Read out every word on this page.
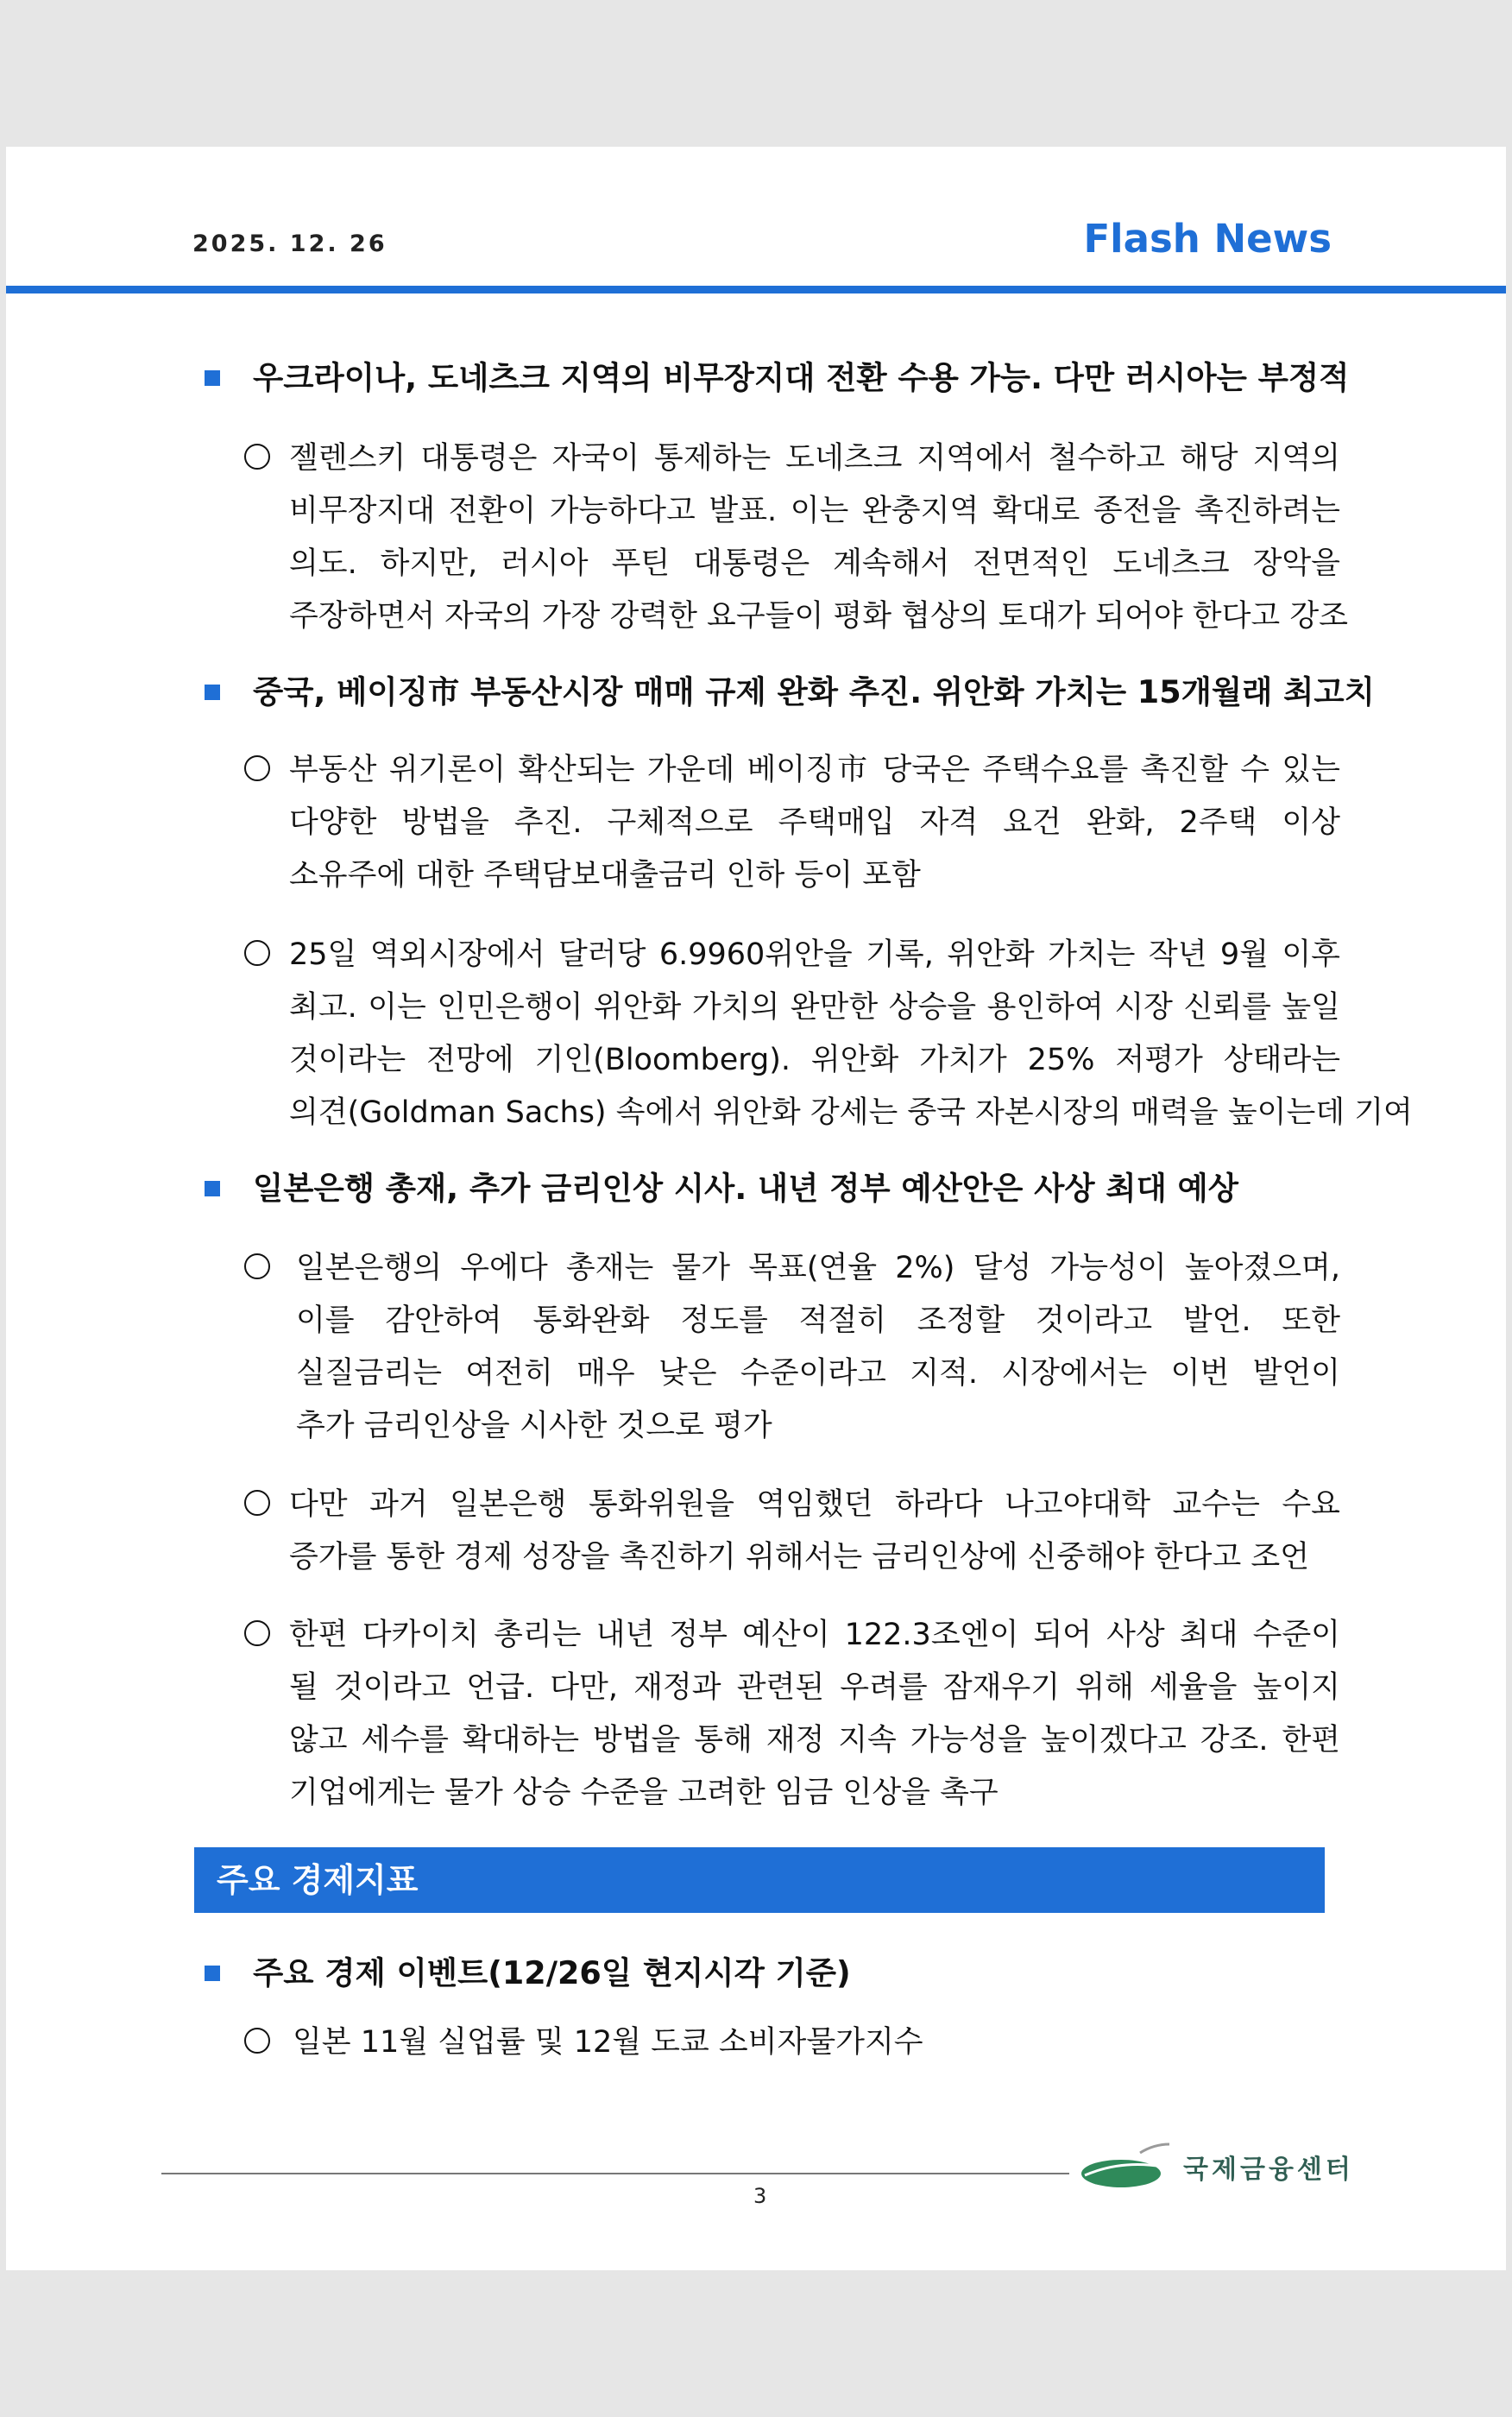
2025. 12. 26	Flash News
우크라이나, 도네츠크 지역의 비무장지대 전환 수용 가능. 다만 러시아는 부정적
젤렌스키 대통령은 자국이 통제하는 도네츠크 지역에서 철수하고 해당 지역의
비무장지대 전환이 가능하다고 발표. 이는 완충지역 확대로 종전을 촉진하려는
의도. 하지만, 러시아 푸틴 대통령은 계속해서 전면적인 도네츠크 장악을
주장하면서 자국의 가장 강력한 요구들이 평화 협상의 토대가 되어야 한다고 강조
중국, 베이징市 부동산시장 매매 규제 완화 추진. 위안화 가치는 15개월래 최고치
부동산 위기론이 확산되는 가운데 베이징市 당국은 주택수요를 촉진할 수 있는
다양한 방법을 추진. 구체적으로 주택매입 자격 요건 완화, 2주택 이상
소유주에 대한 주택담보대출금리 인하 등이 포함
25일 역외시장에서 달러당 6.9960위안을 기록, 위안화 가치는 작년 9월 이후
최고. 이는 인민은행이 위안화 가치의 완만한 상승을 용인하여 시장 신뢰를 높일
것이라는 전망에 기인(Bloomberg). 위안화 가치가 25% 저평가 상태라는
의견(Goldman Sachs) 속에서 위안화 강세는 중국 자본시장의 매력을 높이는데 기여
일본은행 총재, 추가 금리인상 시사. 내년 정부 예산안은 사상 최대 예상
일본은행의 우에다 총재는 물가 목표(연율 2%) 달성 가능성이 높아졌으며,
이를 감안하여 통화완화 정도를 적절히 조정할 것이라고 발언. 또한
실질금리는 여전히 매우 낮은 수준이라고 지적. 시장에서는 이번 발언이
추가 금리인상을 시사한 것으로 평가
다만 과거 일본은행 통화위원을 역임했던 하라다 나고야대학 교수는 수요
증가를 통한 경제 성장을 촉진하기 위해서는 금리인상에 신중해야 한다고 조언
한편 다카이치 총리는 내년 정부 예산이 122.3조엔이 되어 사상 최대 수준이
될 것이라고 언급. 다만, 재정과 관련된 우려를 잠재우기 위해 세율을 높이지
않고 세수를 확대하는 방법을 통해 재정 지속 가능성을 높이겠다고 강조. 한편
기업에게는 물가 상승 수준을 고려한 임금 인상을 촉구
주요 경제지표
주요 경제 이벤트(12/26일 현지시각 기준)
일본 11월 실업률 및 12월 도쿄 소비자물가지수
3
국제금융센터
